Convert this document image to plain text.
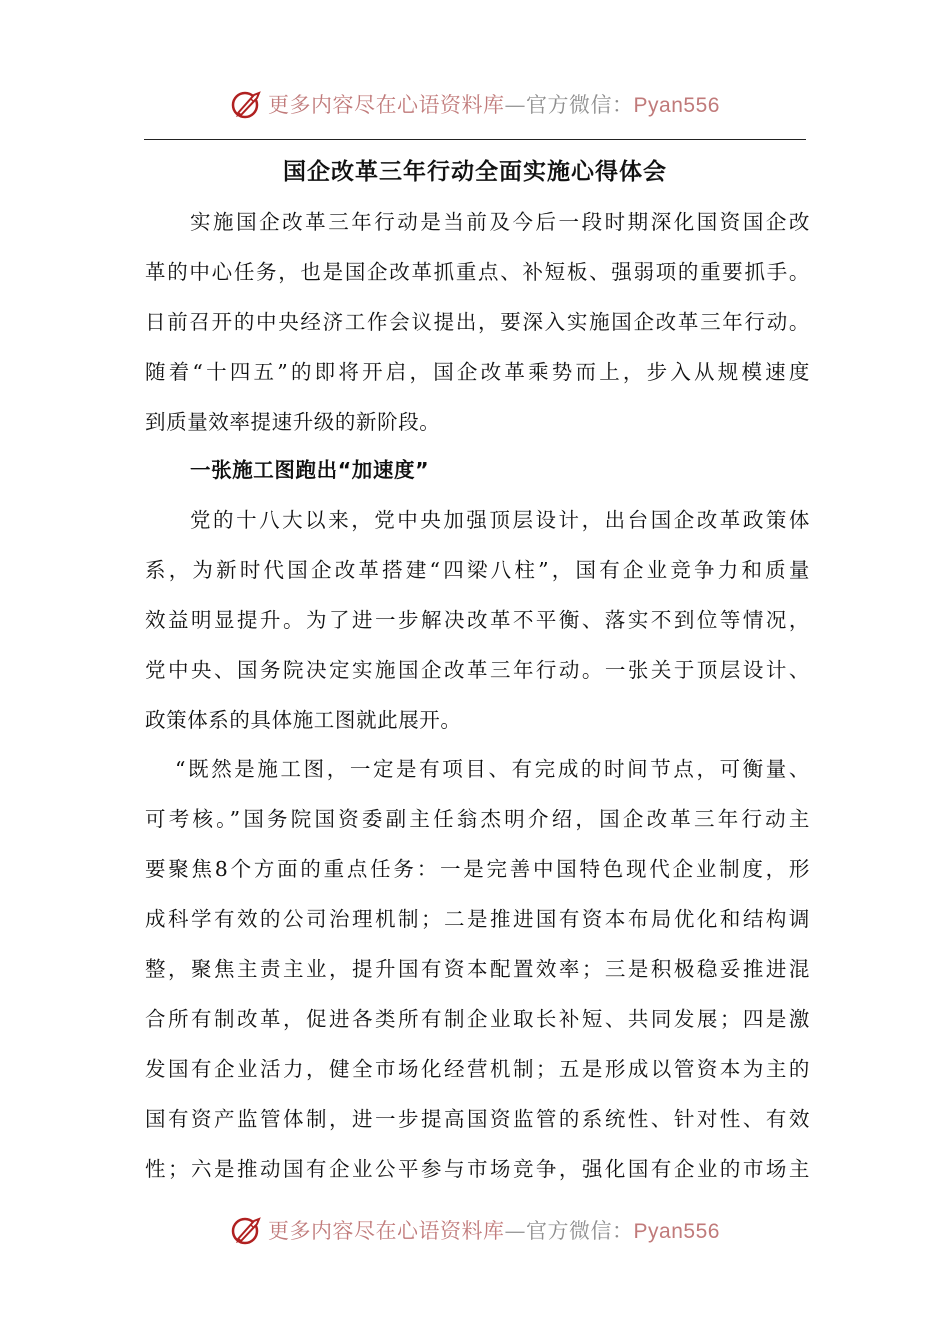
更多内容尽在心语资料库—官方微信：Pyan556
国企改革三年行动全面实施心得体会
实施国企改革三年行动是当前及今后一段时期深化国资国企改
革的中心任务，也是国企改革抓重点、补短板、强弱项的重要抓手。
日前召开的中央经济工作会议提出，要深入实施国企改革三年行动。
随着“十四五”的即将开启，国企改革乘势而上，步入从规模速度
到质量效率提速升级的新阶段。
一张施工图跑出“加速度”
党的十八大以来，党中央加强顶层设计，出台国企改革政策体
系，为新时代国企改革搭建“四梁八柱”，国有企业竞争力和质量
效益明显提升。为了进一步解决改革不平衡、落实不到位等情况，
党中央、国务院决定实施国企改革三年行动。一张关于顶层设计、
政策体系的具体施工图就此展开。
“既然是施工图，一定是有项目、有完成的时间节点，可衡量、
可考核。”国务院国资委副主任翁杰明介绍，国企改革三年行动主
要聚焦8个方面的重点任务：一是完善中国特色现代企业制度，形
成科学有效的公司治理机制；二是推进国有资本布局优化和结构调
整，聚焦主责主业，提升国有资本配置效率；三是积极稳妥推进混
合所有制改革，促进各类所有制企业取长补短、共同发展；四是激
发国有企业活力，健全市场化经营机制；五是形成以管资本为主的
国有资产监管体制，进一步提高国资监管的系统性、针对性、有效
性；六是推动国有企业公平参与市场竞争，强化国有企业的市场主
更多内容尽在心语资料库—官方微信：Pyan556
